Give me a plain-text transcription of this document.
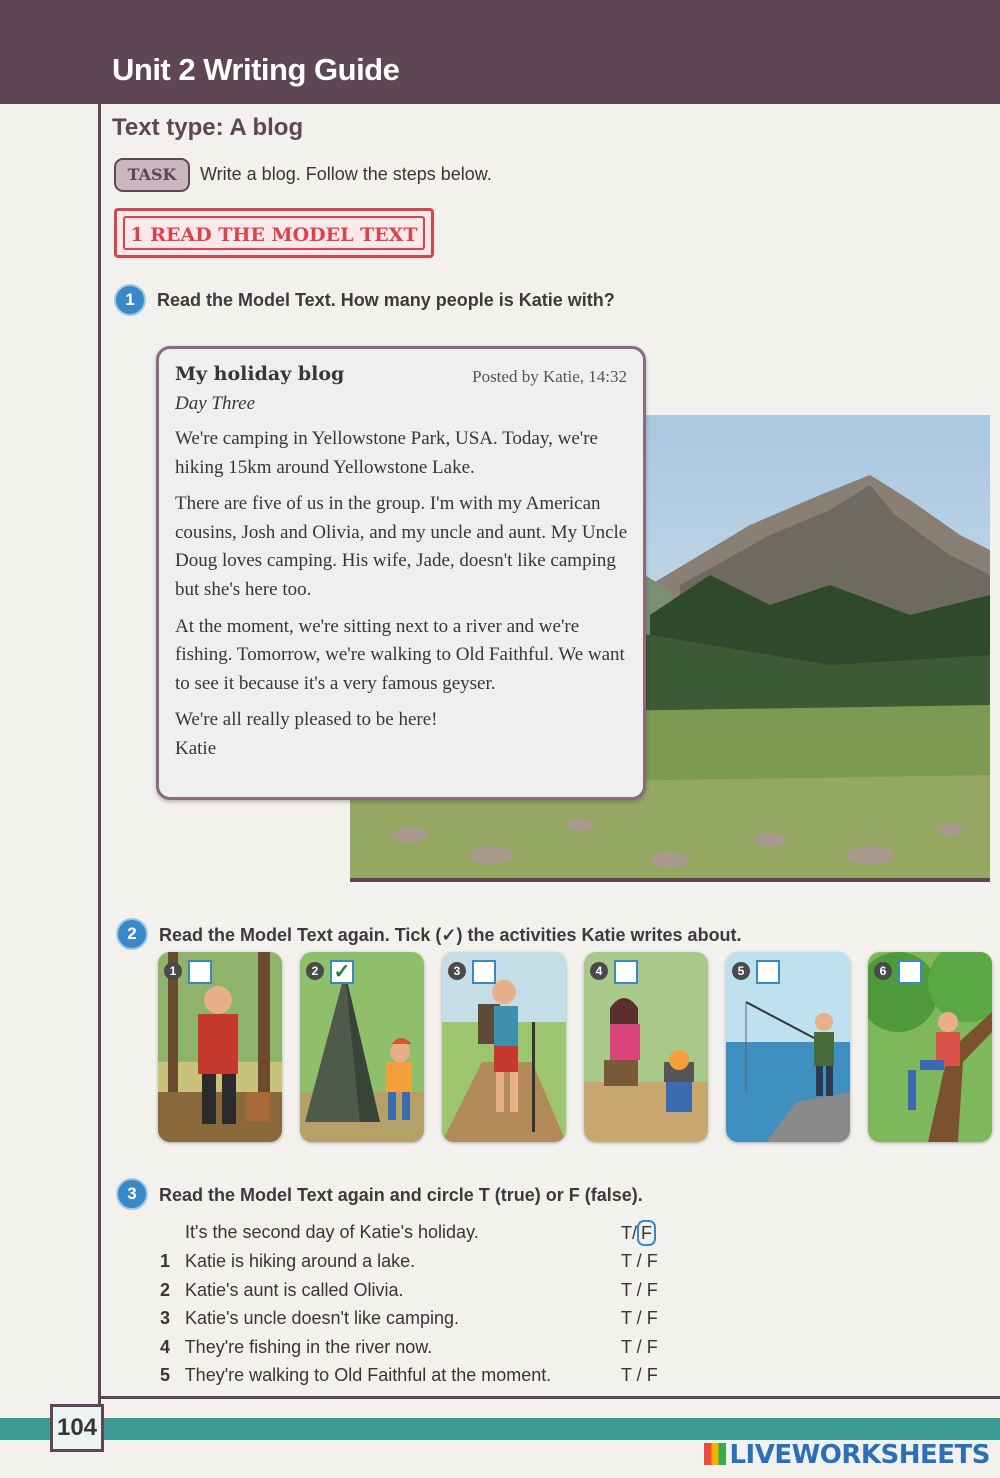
Unit 2 Writing Guide
Text type: A blog
TASK	Write a blog. Follow the steps below.
1 READ THE MODEL TEXT
1	Read the Model Text. How many people is Katie with?
My holiday blog	Posted by Katie, 14:32
Day Three

We're camping in Yellowstone Park, USA. Today, we're hiking 15km around Yellowstone Lake.

There are five of us in the group. I'm with my American cousins, Josh and Olivia, and my uncle and aunt. My Uncle Doug loves camping. His wife, Jade, doesn't like camping but she's here too.

At the moment, we're sitting next to a river and we're fishing. Tomorrow, we're walking to Old Faithful. We want to see it because it's a very famous geyser.

We're all really pleased to be here!

Katie

2	Read the Model Text again. Tick (✓) the activities Katie writes about.
1	2 ✓	3	4	5	6
3	Read the Model Text again and circle T (true) or F (false).
It's the second day of Katie's holiday.	T/ F
1 Katie is hiking around a lake.	T / F
2 Katie's aunt is called Olivia.	T / F
3 Katie's uncle doesn't like camping.	T / F
4 They're fishing in the river now.	T / F
5 They're walking to Old Faithful at the moment.	T / F
104
LIVEWORKSHEETS
